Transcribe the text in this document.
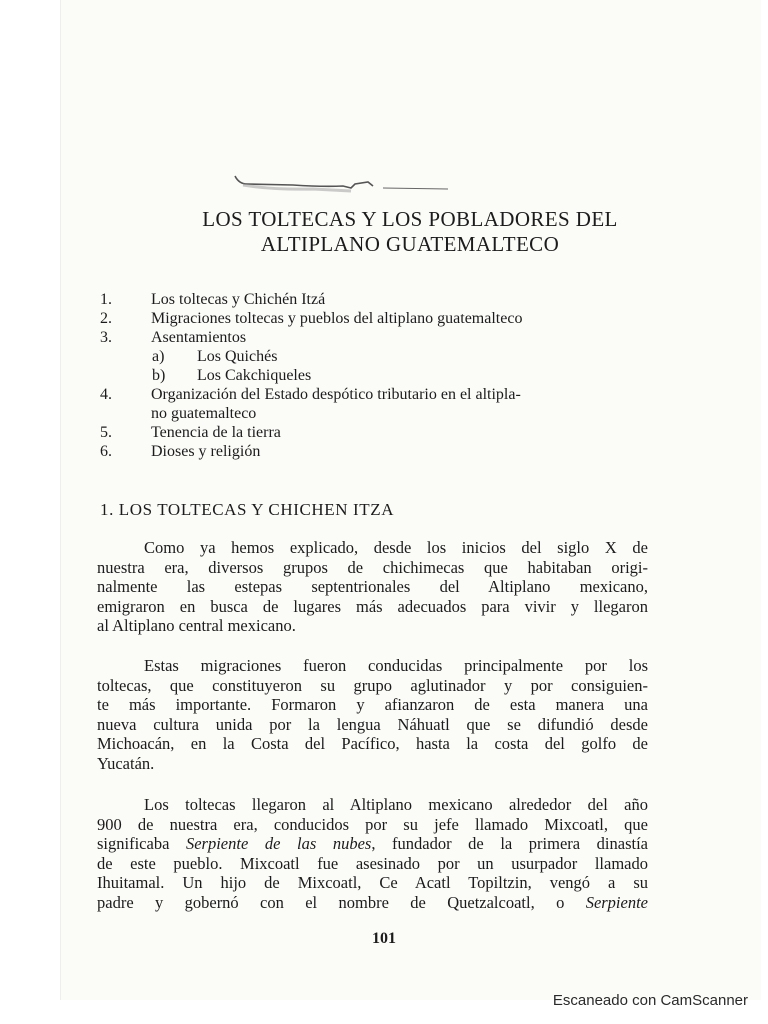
LOS TOLTECAS Y LOS POBLADORES DEL
ALTIPLANO GUATEMALTECO
1.	Los toltecas y Chichén Itzá
2.	Migraciones toltecas y pueblos del altiplano guatemalteco
3.	Asentamientos
a)	Los Quichés
b)	Los Cakchiqueles
4.	Organización del Estado despótico tributario en el altipla-
no guatemalteco
5.	Tenencia de la tierra
6.	Dioses y religión
1. LOS TOLTECAS Y CHICHEN ITZA
Como ya hemos explicado, desde los inicios del siglo X de
nuestra era, diversos grupos de chichimecas que habitaban origi-
nalmente las estepas septentrionales del Altiplano mexicano,
emigraron en busca de lugares más adecuados para vivir y llegaron
al Altiplano central mexicano.
Estas migraciones fueron conducidas principalmente por los
toltecas, que constituyeron su grupo aglutinador y por consiguien-
te más importante. Formaron y afianzaron de esta manera una
nueva cultura unida por la lengua Náhuatl que se difundió desde
Michoacán, en la Costa del Pacífico, hasta la costa del golfo de
Yucatán.
Los toltecas llegaron al Altiplano mexicano alrededor del año
900 de nuestra era, conducidos por su jefe llamado Mixcoatl, que
significaba Serpiente de las nubes, fundador de la primera dinastía
de este pueblo. Mixcoatl fue asesinado por un usurpador llamado
Ihuitamal. Un hijo de Mixcoatl, Ce Acatl Topiltzin, vengó a su
padre y gobernó con el nombre de Quetzalcoatl, o Serpiente
101
Escaneado con CamScanner
